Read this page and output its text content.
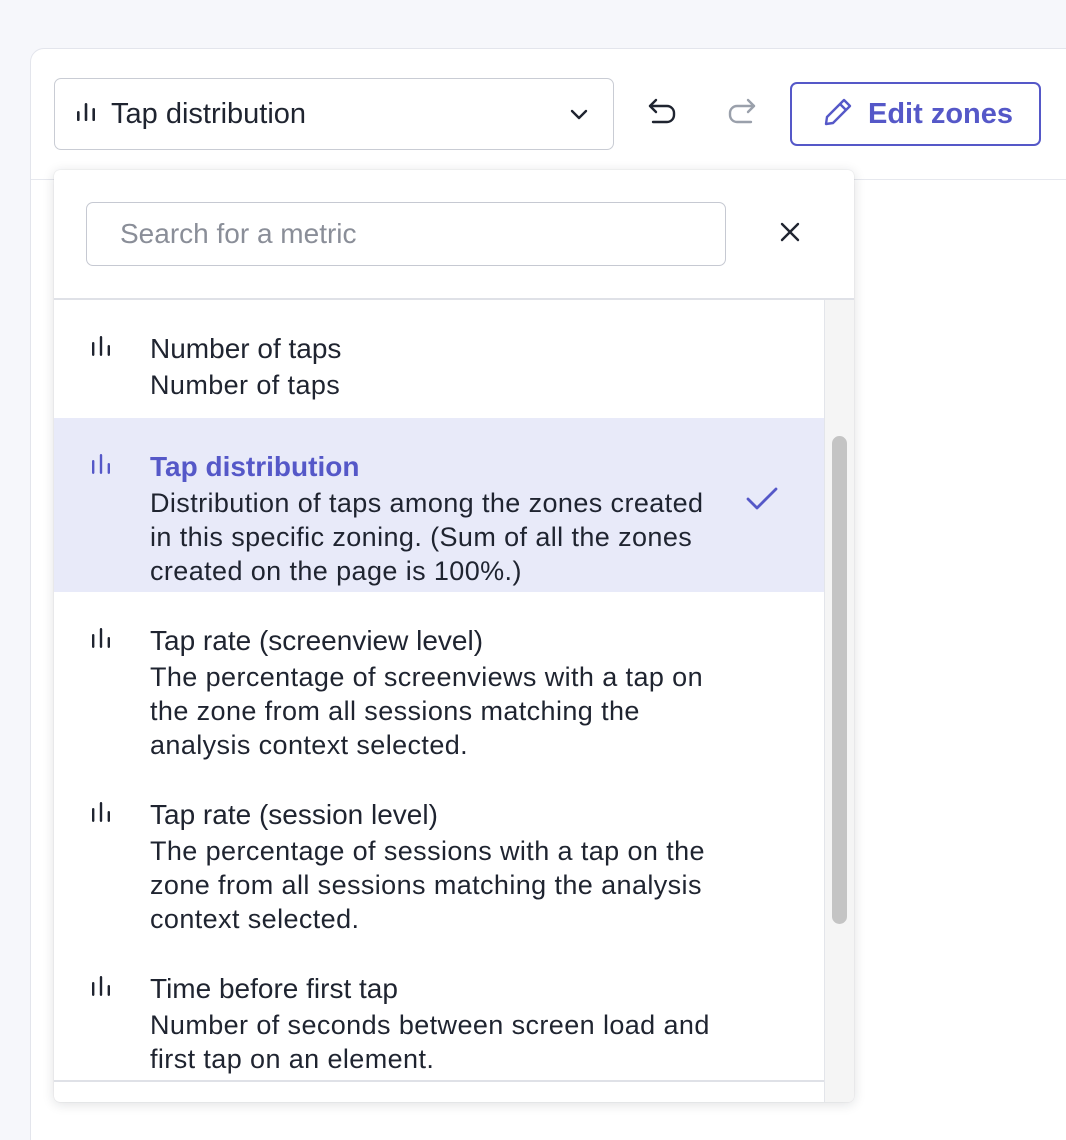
Tap distribution	Edit zones
Search for a metric
Number of taps
Number of taps
Tap distribution
Distribution of taps among the zones created in this specific zoning. (Sum of all the zones created on the page is 100%.)
Tap rate (screenview level)
The percentage of screenviews with a tap on the zone from all sessions matching the analysis context selected.
Tap rate (session level)
The percentage of sessions with a tap on the zone from all sessions matching the analysis context selected.
Time before first tap
Number of seconds between screen load and first tap on an element.
